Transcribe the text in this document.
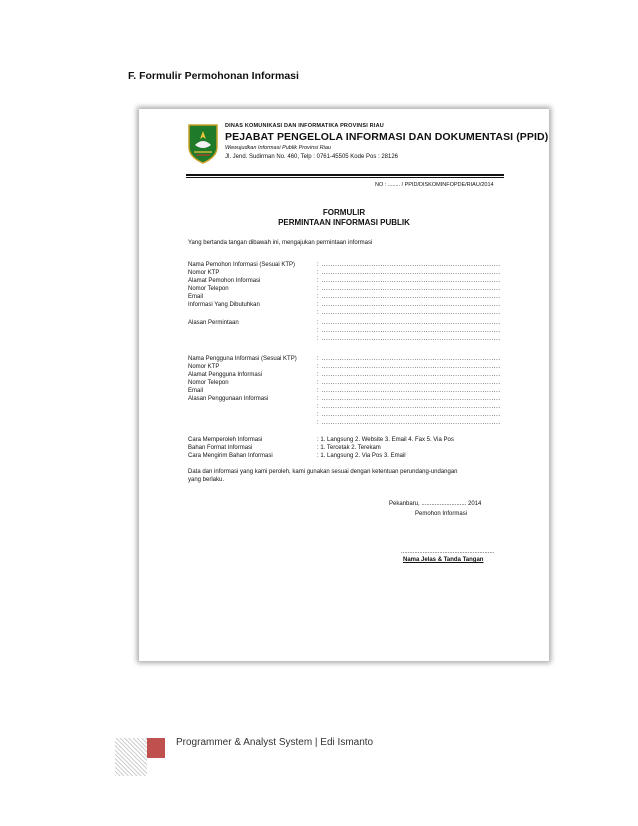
F. Formulir Permohonan Informasi
DINAS KOMUNIKASI DAN INFORMATIKA PROVINSI RIAU
PEJABAT PENGELOLA INFORMASI DAN DOKUMENTASI (PPID)
Wewujudkan Informasi Publik Provinsi Riau
Jl. Jend. Sudirman No. 460, Telp : 0761-45505 Kode Pos : 28126
NO : ........ / PPID/DISKOMINFOPDE/RIAU/2014
FORMULIR
PERMINTAAN INFORMASI PUBLIK
Yang bertanda tangan dibawah ini, mengajukan permintaan informasi
Nama Pemohon Informasi (Sesuai KTP)	: ...............................................................................
Nomor KTP	: ...............................................................................
Alamat Pemohon Informasi	: ...............................................................................
Nomor Telepon	: ...............................................................................
Email	: ...............................................................................
Informasi Yang Dibutuhkan	: ...............................................................................
: ...............................................................................
Alasan Permintaan	: ...............................................................................
: ...............................................................................
: ...............................................................................
Nama Pengguna Informasi (Sesuai KTP)	: ...............................................................................
Nomor KTP	: ...............................................................................
Alamat Pengguna Informasi	: ...............................................................................
Nomor Telepon	: ...............................................................................
Email	: ...............................................................................
Alasan Penggunaan Informasi	: ...............................................................................
: ...............................................................................
: ...............................................................................
: ...............................................................................
Cara Memperoleh Informasi	: 1. Langsung 2. Website 3. Email 4. Fax 5. Via Pos
Bahan Format Informasi	: 1. Tercetak 2. Terekam
Cara Mengirim Bahan Informasi	: 1. Langsung 2. Via Pos 3. Email
Data dan informasi yang kami peroleh, kami gunakan sesuai dengan ketentuan perundang-undangan
yang berlaku.
Pekanbaru, ........................... 2014
Pemohon Informasi
........................................................
Nama Jelas & Tanda Tangan
Programmer & Analyst System | Edi Ismanto
